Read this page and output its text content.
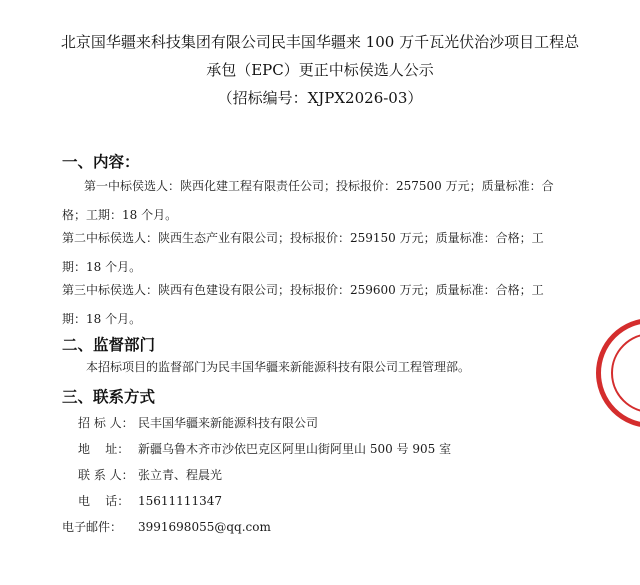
北京国华疆来科技集团有限公司民丰国华疆来 100 万千瓦光伏治沙项目工程总
承包（EPC）更正中标侯选人公示
（招标编号：XJPX2026-03）
一、内容：
第一中标侯选人：陕西化建工程有限责任公司；投标报价：257500 万元；质量标准：合
格；工期：18 个月。
第二中标侯选人：陕西生态产业有限公司；投标报价：259150 万元；质量标准：合格；工
期：18 个月。
第三中标侯选人：陕西有色建设有限公司；投标报价：259600 万元；质量标准：合格；工
期：18 个月。
二、监督部门
本招标项目的监督部门为民丰国华疆来新能源科技有限公司工程管理部。
三、联系方式
招 标 人： 民丰国华疆来新能源科技有限公司
地    址： 新疆乌鲁木齐市沙依巴克区阿里山街阿里山 500 号 905 室
联 系 人： 张立青、程晨光
电    话： 15611111347
电子邮件： 3991698055@qq.com
